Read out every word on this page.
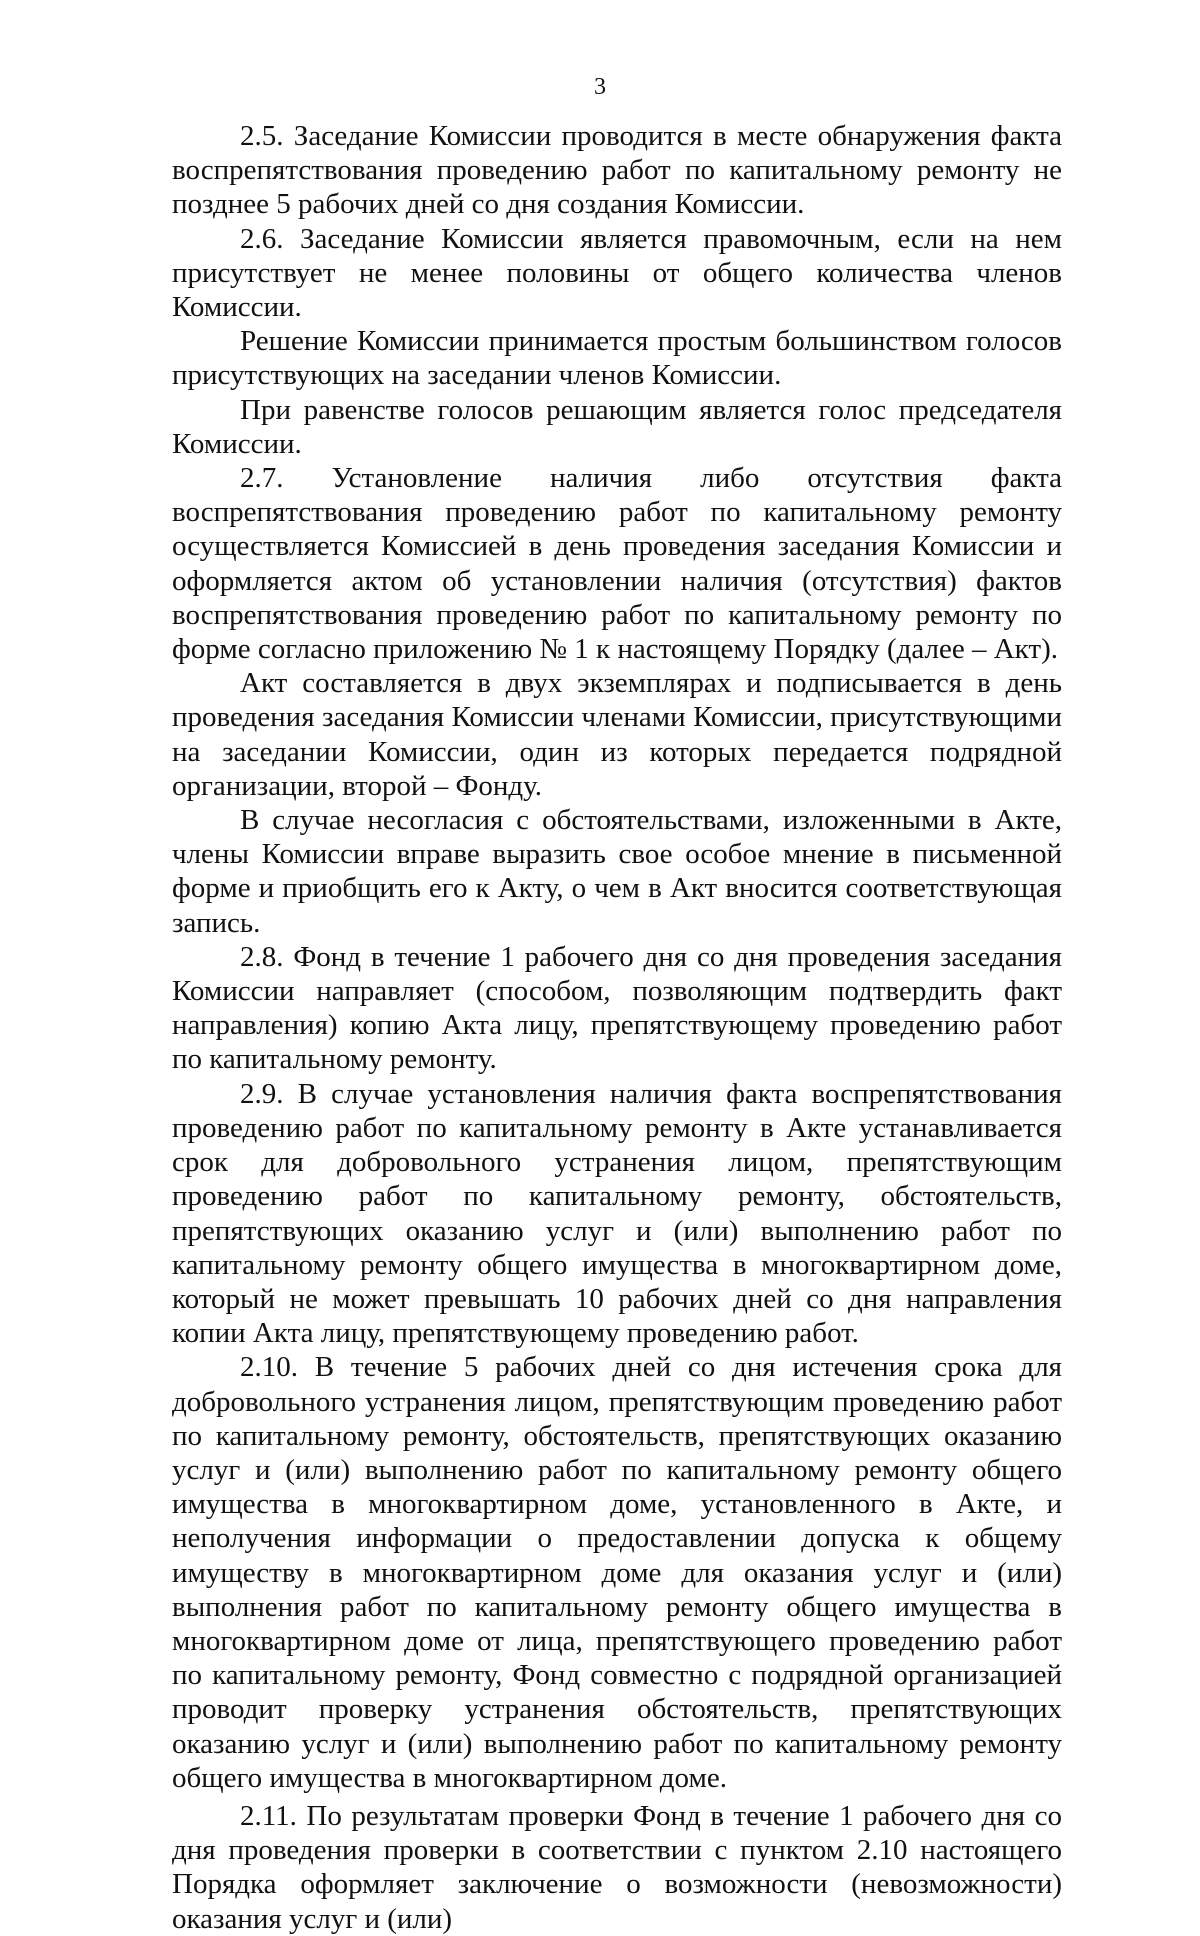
3

2.5. Заседание Комиссии проводится в месте обнаружения факта воспрепятствования проведению работ по капитальному ремонту не позднее 5 рабочих дней со дня создания Комиссии.

2.6. Заседание Комиссии является правомочным, если на нем присутствует не менее половины от общего количества членов Комиссии.

Решение Комиссии принимается простым большинством голосов присутствующих на заседании членов Комиссии.

При равенстве голосов решающим является голос председателя Комиссии.

2.7. Установление наличия либо отсутствия факта воспрепятствования проведению работ по капитальному ремонту осуществляется Комиссией в день проведения заседания Комиссии и оформляется актом об установлении наличия (отсутствия) фактов воспрепятствования проведению работ по капитальному ремонту по форме согласно приложению № 1 к настоящему Порядку (далее – Акт).

Акт составляется в двух экземплярах и подписывается в день проведения заседания Комиссии членами Комиссии, присутствующими на заседании Комиссии, один из которых передается подрядной организации, второй – Фонду.

В случае несогласия с обстоятельствами, изложенными в Акте, члены Комиссии вправе выразить свое особое мнение в письменной форме и приобщить его к Акту, о чем в Акт вносится соответствующая запись.

2.8. Фонд в течение 1 рабочего дня со дня проведения заседания Комиссии направляет (способом, позволяющим подтвердить факт направления) копию Акта лицу, препятствующему проведению работ по капитальному ремонту.

2.9. В случае установления наличия факта воспрепятствования проведению работ по капитальному ремонту в Акте устанавливается срок для добровольного устранения лицом, препятствующим проведению работ по капитальному ремонту, обстоятельств, препятствующих оказанию услуг и (или) выполнению работ по капитальному ремонту общего имущества в многоквартирном доме, который не может превышать 10 рабочих дней со дня направления копии Акта лицу, препятствующему проведению работ.

2.10. В течение 5 рабочих дней со дня истечения срока для добровольного устранения лицом, препятствующим проведению работ по капитальному ремонту, обстоятельств, препятствующих оказанию услуг и (или) выполнению работ по капитальному ремонту общего имущества в многоквартирном доме, установленного в Акте, и неполучения информации о предоставлении допуска к общему имуществу в многоквартирном доме для оказания услуг и (или) выполнения работ по капитальному ремонту общего имущества в многоквартирном доме от лица, препятствующего проведению работ по капитальному ремонту, Фонд совместно с подрядной организацией проводит проверку устранения обстоятельств, препятствующих оказанию услуг и (или) выполнению работ по капитальному ремонту общего имущества в многоквартирном доме.

2.11. По результатам проверки Фонд в течение 1 рабочего дня со дня проведения проверки в соответствии с пунктом 2.10 настоящего Порядка оформляет заключение о возможности (невозможности) оказания услуг и (или)
